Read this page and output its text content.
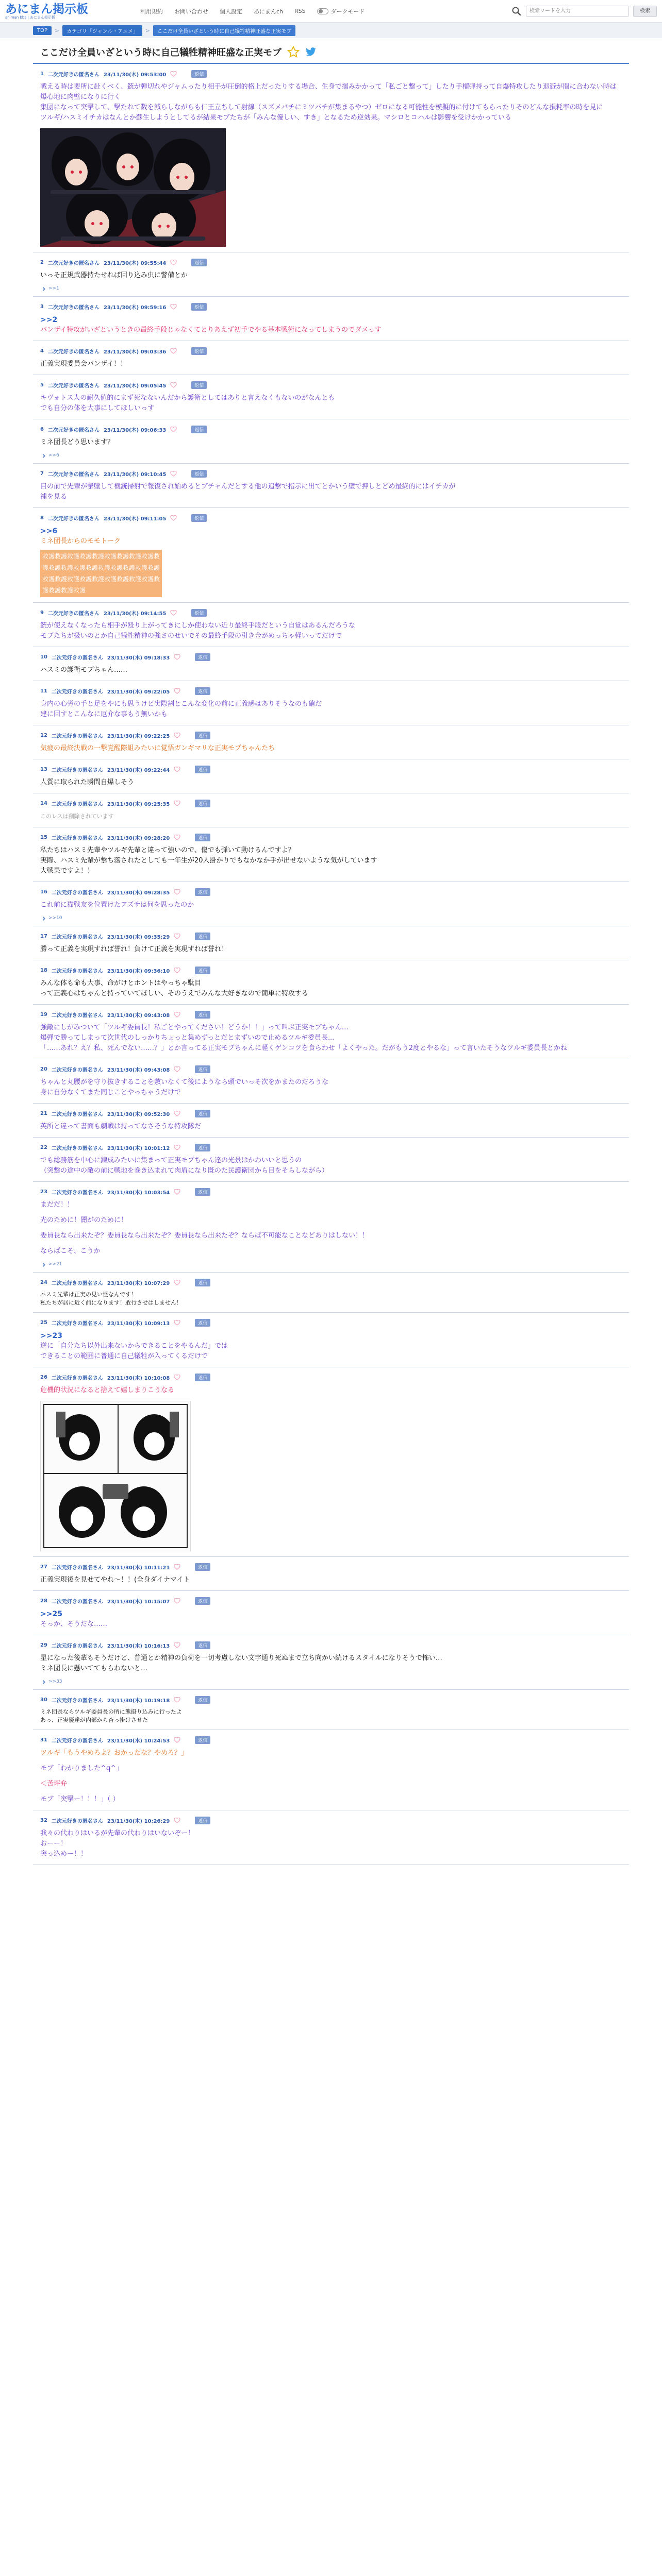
あにまん掲示板
animan bbs | あにまん掲示板
利用規約 お問い合わせ 個人設定 あにまんch RSS	ダークモード
検索ワードを入力	検索
TOP	>	カテゴリ「ジャンル・アニメ」	>	ここだけ全員いざという時に自己犠牲精神旺盛な正実モブ
ここだけ全員いざという時に自己犠牲精神旺盛な正実モブ
1 二次元好きの匿名さん 23/11/30(木) 09:53:00	返信
戦える時は要所に赴くべく、銃が弾切れやジャムったり相手が圧倒的格上だったりする場合、生身で掴みかかって「私ごと撃って」したり手榴弾持って自爆特攻したり退避が間に合わない時は爆心地に肉壁になりに行く
集団になって突撃して、撃たれて数を減らしながらも仁王立ちして射線（スズメバチにミツバチが集まるやつ）ゼロになる可能性を模擬的に付けてもらったりそのどんな損耗率の時を見に
ツルギ/ハスミイチカはなんとか蘇生しようとしてるが結果モブたちが「みんな優しい、すき」となるため逆効果。マシロとコハルは影響を受けかかっている
2 二次元好きの匿名さん 23/11/30(木) 09:55:44	返信
いっそ正規武器持たせれば回り込み虫に警備とか
>>1
3 二次元好きの匿名さん 23/11/30(木) 09:59:16	返信
>>2
バンザイ特攻がいざというときの最終手段じゃなくてとりあえず初手でやる基本戦術になってしまうのでダメっす
4 二次元好きの匿名さん 23/11/30(木) 09:03:36	返信
正義実現委員会バンザイ！！
5 二次元好きの匿名さん 23/11/30(木) 09:05:45	返信
キヴォトス人の耐久値的にまず死なないんだから護衛としてはありと言えなくもないのがなんとも
でも自分の体を大事にしてほしいっす
6 二次元好きの匿名さん 23/11/30(木) 09:06:33	返信
ミネ団長どう思います？
>>6
7 二次元好きの匿名さん 23/11/30(木) 09:10:45	返信
目の前で先輩が撃墜して機銃掃射で報復され始めるとブチャんだとする他の追撃で指示に出てとかいう壁で押しとどめ最終的にはイチカが
補を見る
8 二次元好きの匿名さん 23/11/30(木) 09:11:05	返信
>>6
ミネ団長からのモモトーク
救護救護救護救護救護救護救護救護救護救護救護救護救護救護救護救護救護救護救護救護救護救護救護救護救護救護救護救護救護救護救護救護
9 二次元好きの匿名さん 23/11/30(木) 09:14:55	返信
銃が使えなくなったら相手が殴り上がってきにしか使わない近り最終手段だという自覚はあるんだろうな
モブたちが扱いのとか自己犠牲精神の強さのせいでその最終手段の引き金がめっちゃ軽いってだけで
10 二次元好きの匿名さん 23/11/30(木) 09:18:33	返信
ハスミの護衛モブちゃん……
11 二次元好きの匿名さん 23/11/30(木) 09:22:05	返信
身内の心労の手と足をやにも思うけど実際割とこんな変化の前に正義感はありそうなのも確だ
建に回すとこんなに厄介な事もう無いかも
12 二次元好きの匿名さん 23/11/30(木) 09:22:25	返信
気疲の最終決戦の一撃覚醒際組みたいに覚悟ガンギマリな正実モブちゃんたち
13 二次元好きの匿名さん 23/11/30(木) 09:22:44	返信
人質に取られた瞬間自爆しそう
14 二次元好きの匿名さん 23/11/30(木) 09:25:35	返信
このレスは削除されています
15 二次元好きの匿名さん 23/11/30(木) 09:28:20	返信
私たちはハスミ先輩やツルギ先輩と違って強いので、傷でも弾いて動けるんですよ？
実際、ハスミ先輩が撃ち落されたとしても一年生が20人掛かりでもなかなか手が出せないような気がしています
大戦果ですよ！！
16 二次元好きの匿名さん 23/11/30(木) 09:28:35	返信
これ前に猫戦友を位置けたアズサは何を思ったのか
>>10
17 二次元好きの匿名さん 23/11/30(木) 09:35:29	返信
勝って正義を実現すれば誉れ！負けて正義を実現すれば誉れ！
18 二次元好きの匿名さん 23/11/30(木) 09:36:10	返信
みんな体も命も大事、命がけとホントはやっちゃ駄目
って正義心はちゃんと持っていてほしい、そのうえでみんな大好きなので簡単に特攻する
19 二次元好きの匿名さん 23/11/30(木) 09:43:08	返信
強敵にしがみついて「ツルギ委員長！私ごとやってください！どうか！！」って叫ぶ正実モブちゃん…
爆弾で勝ってしまって次世代のしっかりちょっと集めずっとだとまずいので止めるツルギ委員長...
「……あれ？え？私、死んでない……？」とか言ってる正実モブちゃんに軽くゲンコツを食らわせ「よくやった。だがもう2度とやるな」って言いたそうなツルギ委員長とかね
20 二次元好きの匿名さん 23/11/30(木) 09:43:08	返信
ちゃんと丸腰がを守り抜きすることを敷いなくて後にようなら頭でいっそ次をかまたのだろうな
身に自分なくてまた同じことやっちゃうだけで
21 二次元好きの匿名さん 23/11/30(木) 09:52:30	返信
英所と違って書面も劇戦は持ってなさそうな特攻隊だ
22 二次元好きの匿名さん 23/11/30(木) 10:01:12	返信
でも総務筋を中心に錬成みたいに集まって正実モブちゃん達の光景はかわいいと思うの
（突撃の途中の敵の前に戦地を巻き込まれて肉盾になり既のた民護衛団から目をそらしながら）
23 二次元好きの匿名さん 23/11/30(木) 10:03:54	返信
まだだ！！
光のために！闇がのために！
委員長なら出来たぞ？委員長なら出来たぞ？委員長なら出来たぞ？ならば不可能なことなどありはしない！！
ならばこそ、こうか
>>21
24 二次元好きの匿名さん 23/11/30(木) 10:07:29	返信
ハスミ先輩は正実の見い怪なんです！
私たちが居に近く前になります！敢行させはしません！
25 二次元好きの匿名さん 23/11/30(木) 10:09:13	返信
>>23
逆に「自分たち以外出来ないからできることをやるんだ」では
できることの範囲に普通に自己犠牲が入ってくるだけで
26 二次元好きの匿名さん 23/11/30(木) 10:10:08	返信
危機的状況になると捨えて嬉しまりこうなる
27 二次元好きの匿名さん 23/11/30(木) 10:11:21	返信
正義実現後を見せてやれ～！！(全身ダイナマイト
28 二次元好きの匿名さん 23/11/30(木) 10:15:07	返信
>>25
そっか、そうだな……
29 二次元好きの匿名さん 23/11/30(木) 10:16:13	返信
星になった後輩もそうだけど、普通とか精神の負荷を一切考慮しない文字通り死ぬまで立ち向かい続けるスタイルになりそうで怖い…
ミネ団長に懸いててもらわないと…
>>33
30 二次元好きの匿名さん 23/11/30(木) 10:19:18	返信
ミネ団長ならツルギ委員長の所に態掛り込みに行ったよ
あっ、正実優達が内部から杏っ掛けさせた
31 二次元好きの匿名さん 23/11/30(木) 10:24:53	返信
ツルギ「もうやめろよ？おかったな？やめろ？」
モブ「わかりました^q^」
＜苦坪弁
モブ「突撃ー！！！」（ ）
32 二次元好きの匿名さん 23/11/30(木) 10:26:29	返信
我々の代わりはいるが先輩の代わりはいないぞー！
おーー！
突っ込めー！！
